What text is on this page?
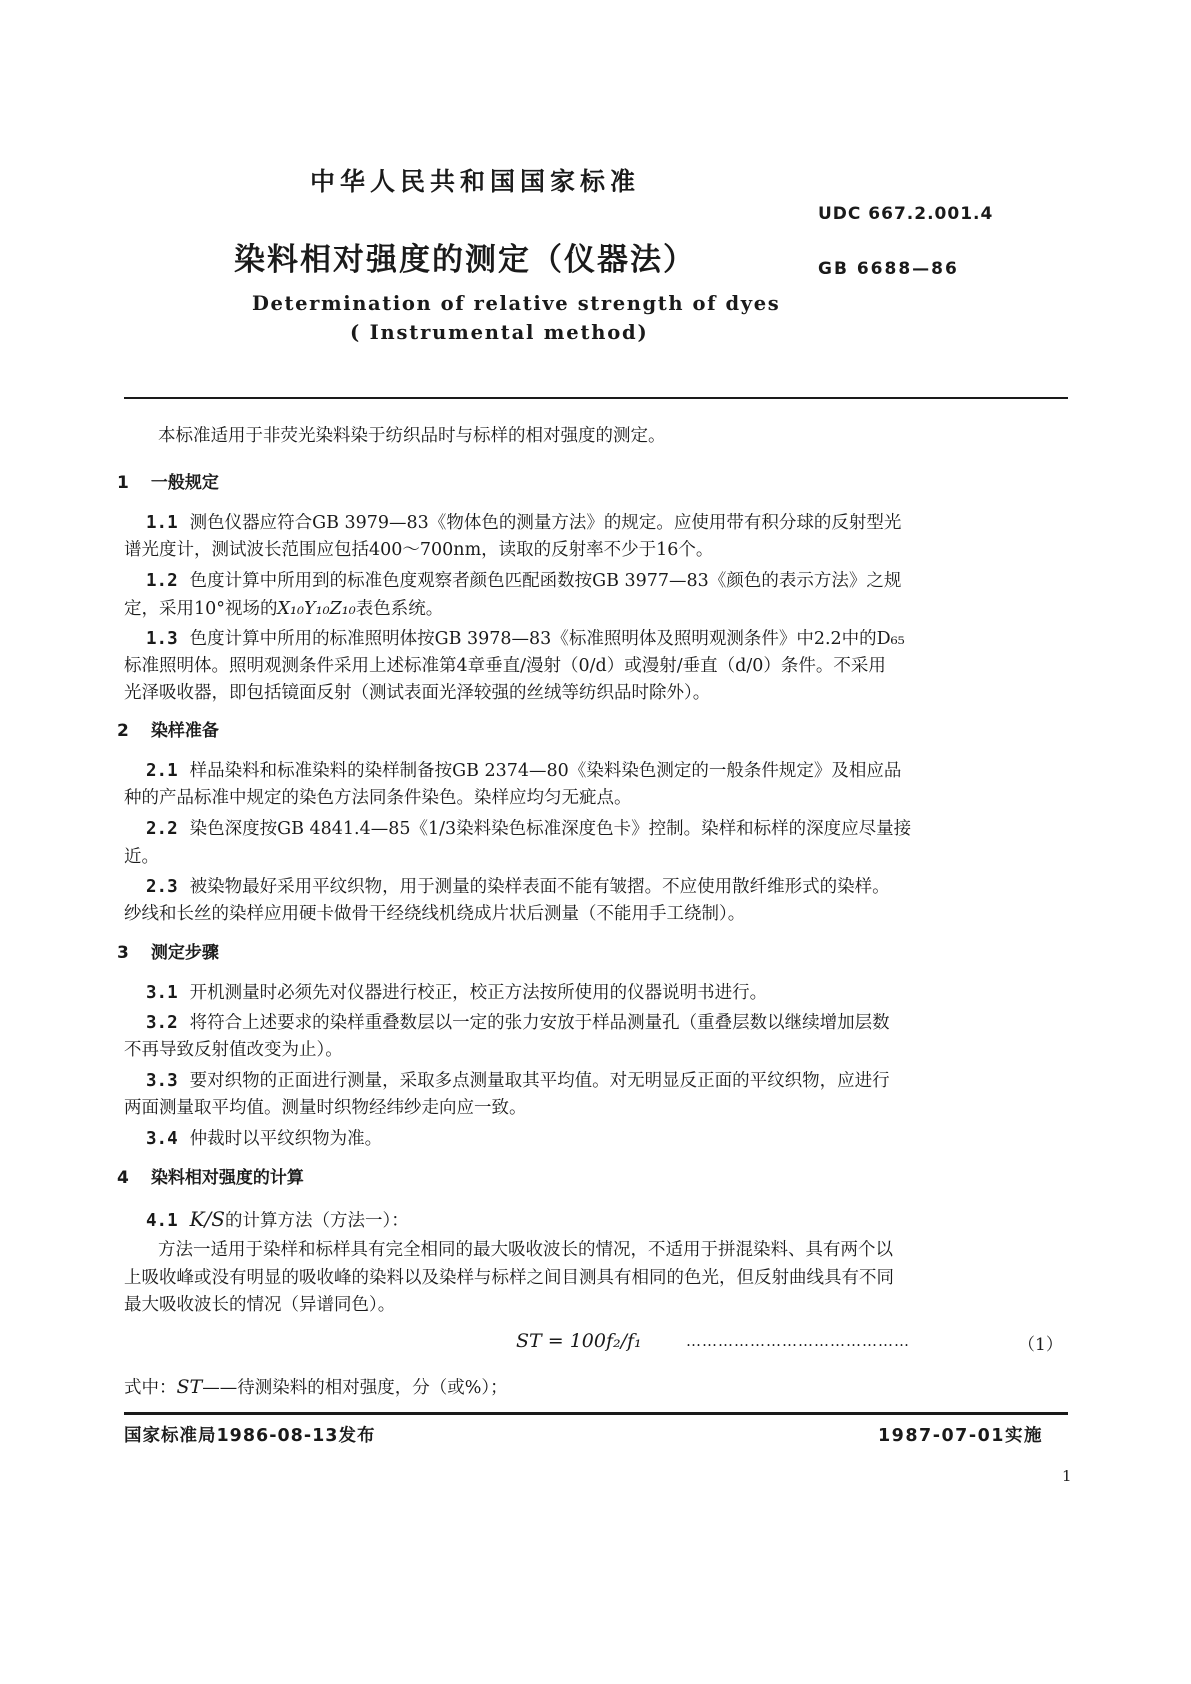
中华人民共和国国家标准
UDC 667.2.001.4
染料相对强度的测定（仪器法）	GB 6688—86
Determination of relative strength of dyes
( Instrumental method)
本标准适用于非荧光染料染于纺织品时与标样的相对强度的测定。
1 一般规定
1.1 测色仪器应符合GB 3979—83《物体色的测量方法》的规定。应使用带有积分球的反射型光
谱光度计，测试波长范围应包括400～700nm，读取的反射率不少于16个。
1.2 色度计算中所用到的标准色度观察者颜色匹配函数按GB 3977—83《颜色的表示方法》之规
定，采用10°视场的X₁₀Y₁₀Z₁₀表色系统。
1.3 色度计算中所用的标准照明体按GB 3978—83《标准照明体及照明观测条件》中2.2中的D₆₅
标准照明体。照明观测条件采用上述标准第4章垂直/漫射（0/d）或漫射/垂直（d/0）条件。不采用
光泽吸收器，即包括镜面反射（测试表面光泽较强的丝绒等纺织品时除外）。
2 染样准备
2.1 样品染料和标准染料的染样制备按GB 2374—80《染料染色测定的一般条件规定》及相应品
种的产品标准中规定的染色方法同条件染色。染样应均匀无疵点。
2.2 染色深度按GB 4841.4—85《1/3染料染色标准深度色卡》控制。染样和标样的深度应尽量接
近。
2.3 被染物最好采用平纹织物，用于测量的染样表面不能有皱摺。不应使用散纤维形式的染样。
纱线和长丝的染样应用硬卡做骨干经绕线机绕成片状后测量（不能用手工绕制）。
3 测定步骤
3.1 开机测量时必须先对仪器进行校正，校正方法按所使用的仪器说明书进行。
3.2 将符合上述要求的染样重叠数层以一定的张力安放于样品测量孔（重叠层数以继续增加层数
不再导致反射值改变为止）。
3.3 要对织物的正面进行测量，采取多点测量取其平均值。对无明显反正面的平纹织物，应进行
两面测量取平均值。测量时织物经纬纱走向应一致。
3.4 仲裁时以平纹织物为准。
4 染料相对强度的计算
4.1 K/S的计算方法（方法一）：
方法一适用于染样和标样具有完全相同的最大吸收波长的情况，不适用于拼混染料、具有两个以
上吸收峰或没有明显的吸收峰的染料以及染样与标样之间目测具有相同的色光，但反射曲线具有不同
最大吸收波长的情况（异谱同色）。
ST = 100f₂/f₁	……………………………………	（1）
式中：ST——待测染料的相对强度，分（或%）；
国家标准局1986-08-13发布	1987-07-01实施
1
